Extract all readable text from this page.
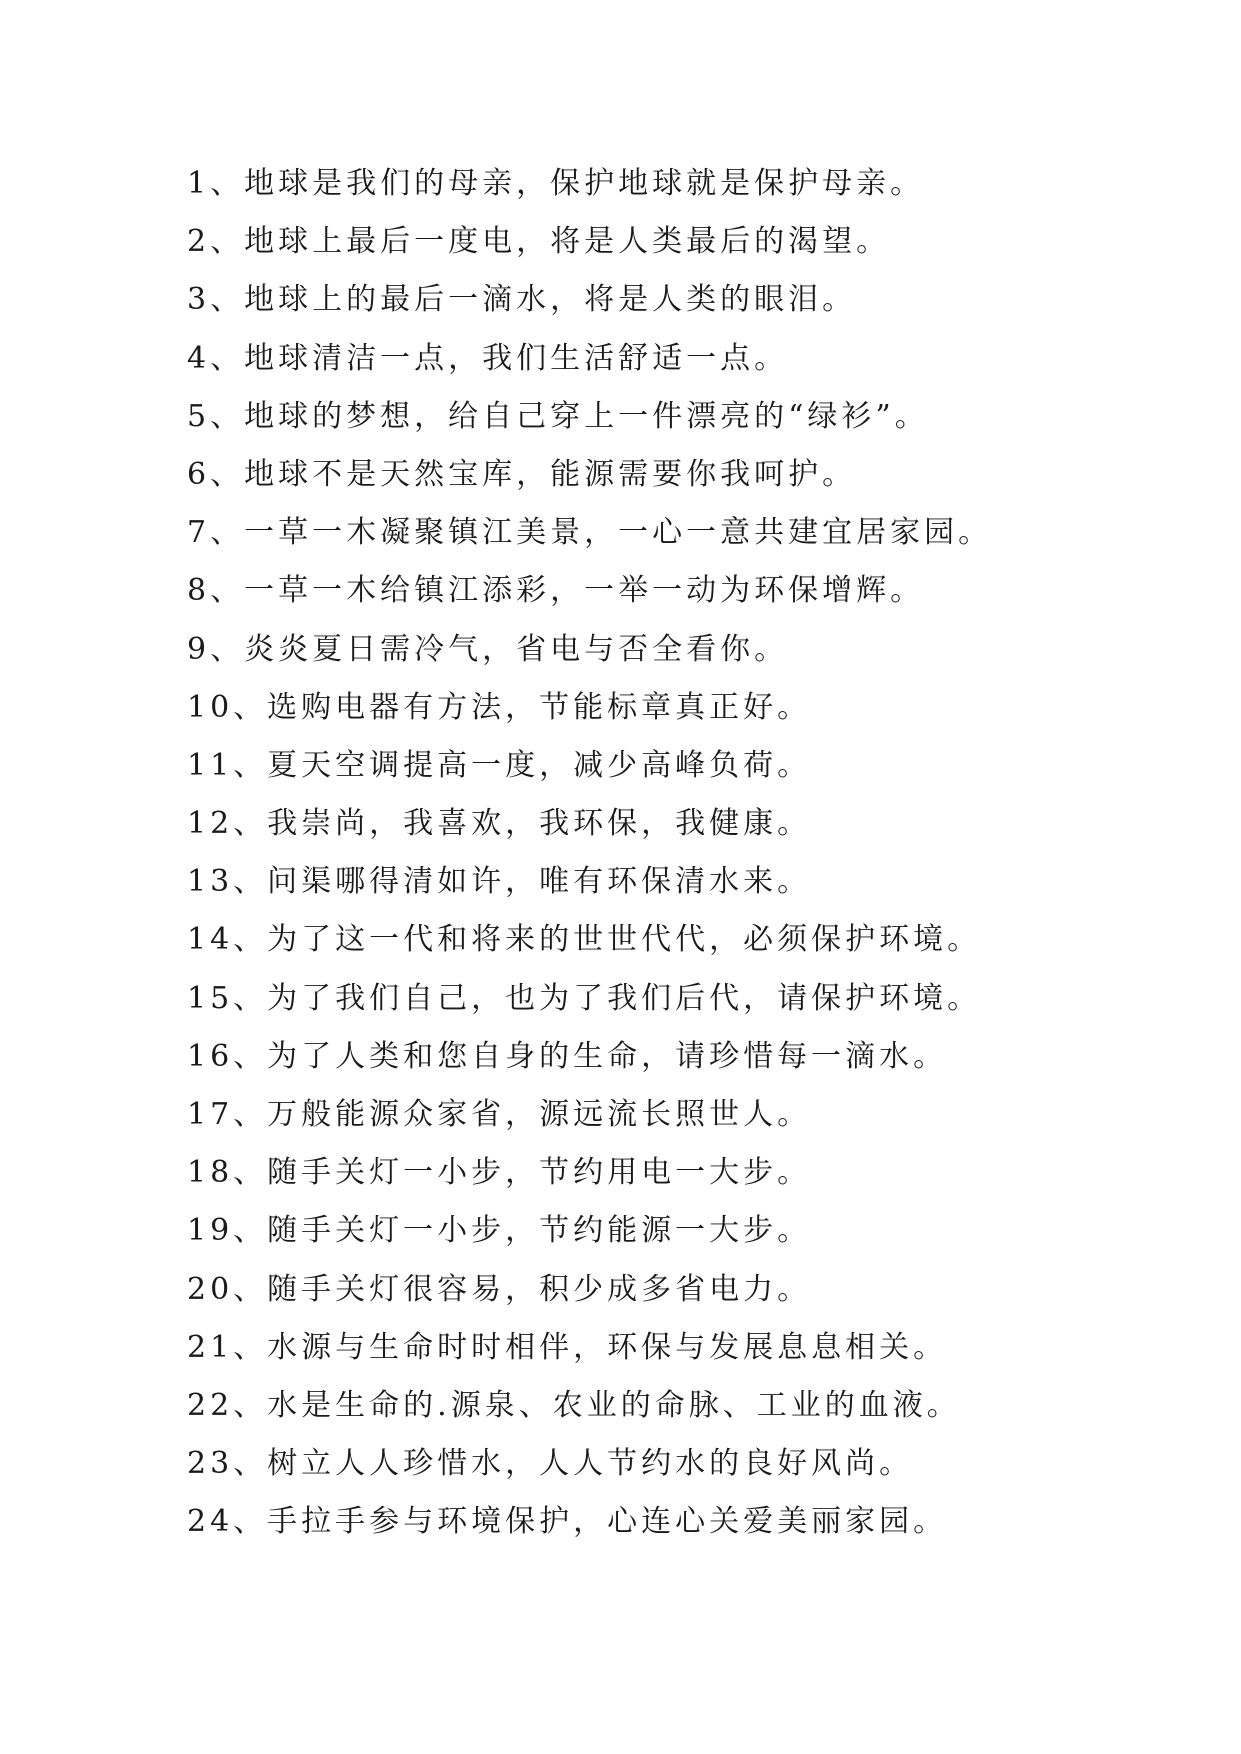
1、地球是我们的母亲，保护地球就是保护母亲。
2、地球上最后一度电，将是人类最后的渴望。
3、地球上的最后一滴水，将是人类的眼泪。
4、地球清洁一点，我们生活舒适一点。
5、地球的梦想，给自己穿上一件漂亮的“绿衫”。
6、地球不是天然宝库，能源需要你我呵护。
7、一草一木凝聚镇江美景，一心一意共建宜居家园。
8、一草一木给镇江添彩，一举一动为环保增辉。
9、炎炎夏日需冷气，省电与否全看你。
10、选购电器有方法，节能标章真正好。
11、夏天空调提高一度，减少高峰负荷。
12、我崇尚，我喜欢，我环保，我健康。
13、问渠哪得清如许，唯有环保清水来。
14、为了这一代和将来的世世代代，必须保护环境。
15、为了我们自己，也为了我们后代，请保护环境。
16、为了人类和您自身的生命，请珍惜每一滴水。
17、万般能源众家省，源远流长照世人。
18、随手关灯一小步，节约用电一大步。
19、随手关灯一小步，节约能源一大步。
20、随手关灯很容易，积少成多省电力。
21、水源与生命时时相伴，环保与发展息息相关。
22、水是生命的.源泉、农业的命脉、工业的血液。
23、树立人人珍惜水，人人节约水的良好风尚。
24、手拉手参与环境保护，心连心关爱美丽家园。
